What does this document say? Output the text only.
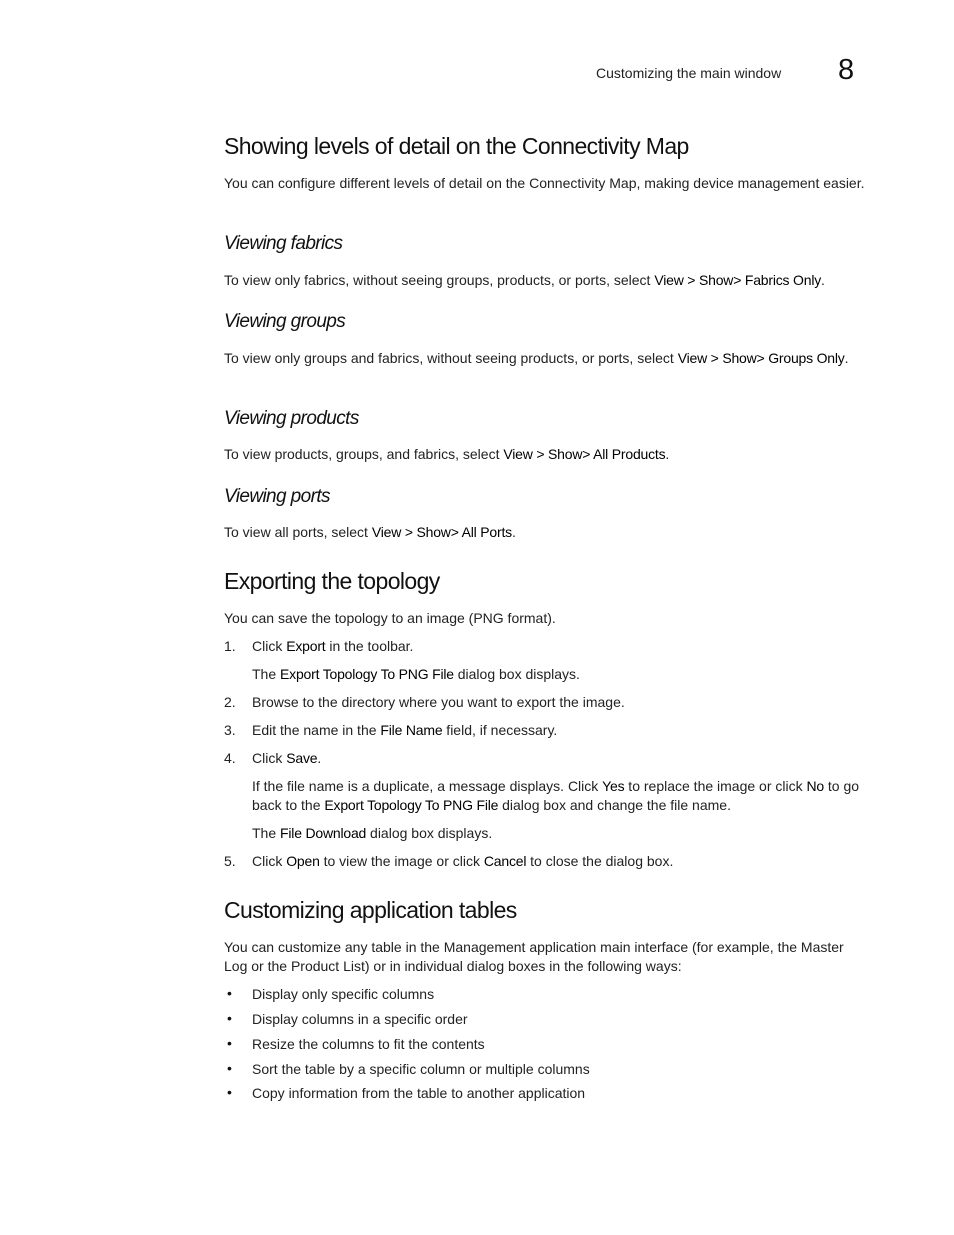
Customizing the main window 8
Showing levels of detail on the Connectivity Map
You can configure different levels of detail on the Connectivity Map, making device management easier.
Viewing fabrics
To view only fabrics, without seeing groups, products, or ports, select View > Show> Fabrics Only.
Viewing groups
To view only groups and fabrics, without seeing products, or ports, select View > Show> Groups Only.
Viewing products
To view products, groups, and fabrics, select View > Show> All Products.
Viewing ports
To view all ports, select View > Show> All Ports.
Exporting the topology
You can save the topology to an image (PNG format).
1. Click Export in the toolbar.
The Export Topology To PNG File dialog box displays.
2. Browse to the directory where you want to export the image.
3. Edit the name in the File Name field, if necessary.
4. Click Save.
If the file name is a duplicate, a message displays. Click Yes to replace the image or click No to go back to the Export Topology To PNG File dialog box and change the file name.
The File Download dialog box displays.
5. Click Open to view the image or click Cancel to close the dialog box.
Customizing application tables
You can customize any table in the Management application main interface (for example, the Master Log or the Product List) or in individual dialog boxes in the following ways:
• Display only specific columns
• Display columns in a specific order
• Resize the columns to fit the contents
• Sort the table by a specific column or multiple columns
• Copy information from the table to another application
